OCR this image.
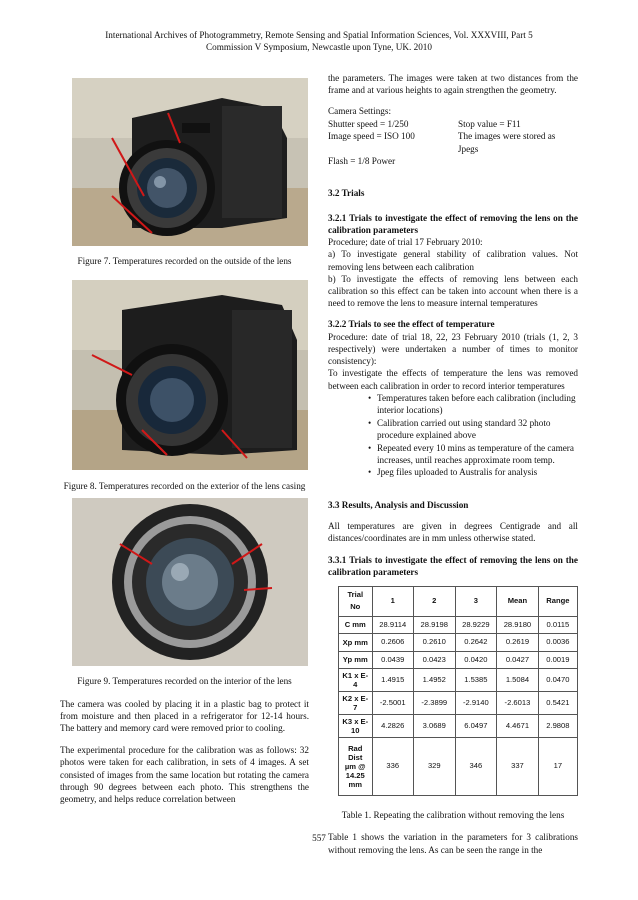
International Archives of Photogrammetry, Remote Sensing and Spatial Information Sciences, Vol. XXXVIII, Part 5
Commission V Symposium, Newcastle upon Tyne, UK. 2010
Figure 7. Temperatures recorded on the outside of the lens
Figure 8. Temperatures recorded on the exterior of the lens casing
Figure 9. Temperatures recorded on the interior of the lens
The camera was cooled by placing it in a plastic bag to protect it from moisture and then placed in a refrigerator for 12-14 hours. The battery and memory card were removed prior to cooling.
The experimental procedure for the calibration was as follows: 32 photos were taken for each calibration, in sets of 4 images. A set consisted of images from the same location but rotating the camera through 90 degrees between each photo. This strengthens the geometry, and helps reduce correlation between
the parameters. The images were taken at two distances from the frame and at various heights to again strengthen the geometry.
Camera Settings:
Shutter speed = 1/250	Stop value = F11
Image speed = ISO 100	The images were stored as Jpegs
Flash = 1/8 Power
3.2 Trials
3.2.1 Trials to investigate the effect of removing the lens on the calibration parameters
Procedure; date of trial 17 February 2010:
a) To investigate general stability of calibration values. Not removing lens between each calibration
b) To investigate the effects of removing lens between each calibration so this effect can be taken into account when there is a need to remove the lens to measure internal temperatures
3.2.2 Trials to see the effect of temperature
Procedure: date of trial 18, 22, 23 February 2010 (trials (1, 2, 3 respectively) were undertaken a number of times to monitor consistency):
To investigate the effects of temperature the lens was removed between each calibration in order to record interior temperatures
• Temperatures taken before each calibration (including interior locations)
• Calibration carried out using standard 32 photo procedure explained above
• Repeated every 10 mins as temperature of the camera increases, until reaches approximate room temp.
• Jpeg files uploaded to Australis for analysis
3.3 Results, Analysis and Discussion
All temperatures are given in degrees Centigrade and all distances/coordinates are in mm unless otherwise stated.
3.3.1 Trials to investigate the effect of removing the lens on the calibration parameters
Trial No	1	2	3	Mean	Range
C mm	28.9114	28.9198	28.9229	28.9180	0.0115
Xp mm	0.2606	0.2610	0.2642	0.2619	0.0036
Yp mm	0.0439	0.0423	0.0420	0.0427	0.0019
K1 x E-4	1.4915	1.4952	1.5385	1.5084	0.0470
K2 x E-7	-2.5001	-2.3899	-2.9140	-2.6013	0.5421
K3 x E-10	4.2826	3.0689	6.0497	4.4671	2.9808
Rad Dist µm @ 14.25 mm	336	329	346	337	17
Table 1. Repeating the calibration without removing the lens
Table 1 shows the variation in the parameters for 3 calibrations without removing the lens. As can be seen the range in the
557
